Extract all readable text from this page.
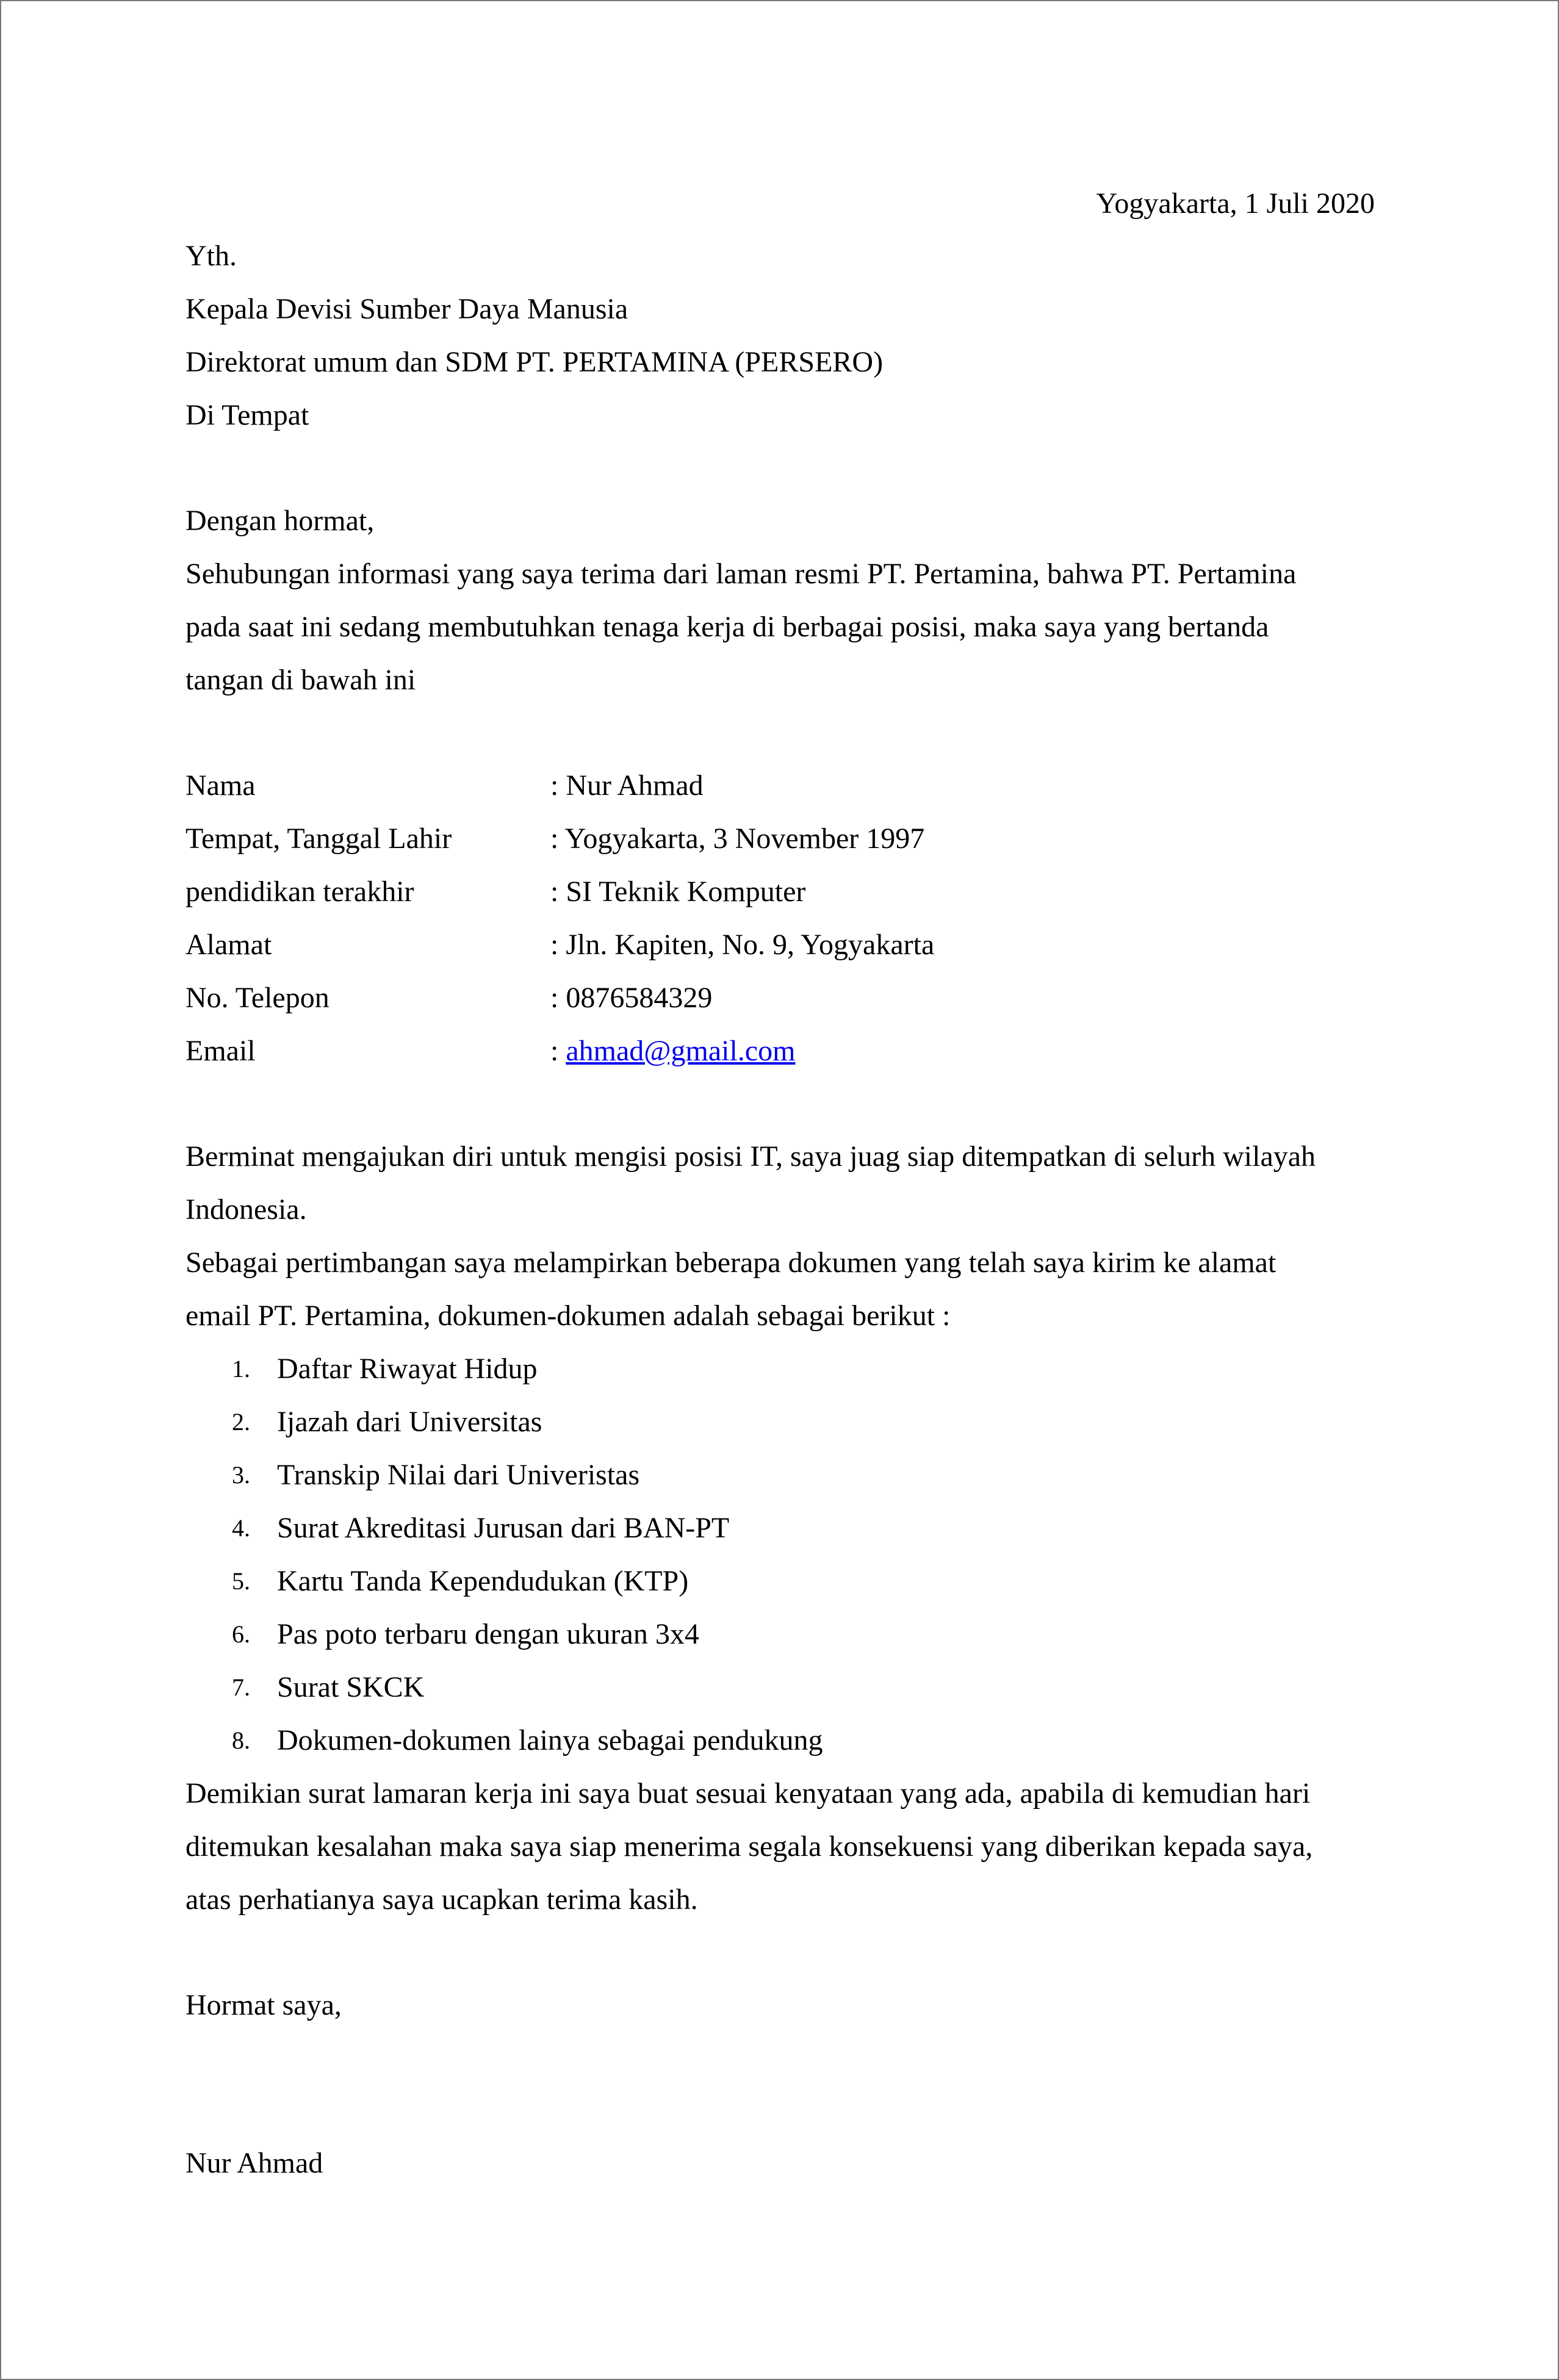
Yogyakarta, 1 Juli 2020
Yth.
Kepala Devisi Sumber Daya Manusia
Direktorat umum dan SDM PT. PERTAMINA (PERSERO)
Di Tempat
Dengan hormat,
Sehubungan informasi yang saya terima dari laman resmi PT. Pertamina, bahwa PT. Pertamina
pada saat ini sedang membutuhkan tenaga kerja di berbagai posisi, maka saya yang bertanda
tangan di bawah ini
Nama	: Nur Ahmad
Tempat, Tanggal Lahir	: Yogyakarta, 3 November 1997
pendidikan terakhir	: SI Teknik Komputer
Alamat	: Jln. Kapiten, No. 9, Yogyakarta
No. Telepon	: 0876584329
Email	: ahmad@gmail.com
Berminat mengajukan diri untuk mengisi posisi IT, saya juag siap ditempatkan di selurh wilayah
Indonesia.
Sebagai pertimbangan saya melampirkan beberapa dokumen yang telah saya kirim ke alamat
email PT. Pertamina, dokumen-dokumen adalah sebagai berikut :
1. Daftar Riwayat Hidup
2. Ijazah dari Universitas
3. Transkip Nilai dari Univeristas
4. Surat Akreditasi Jurusan dari BAN-PT
5. Kartu Tanda Kependudukan (KTP)
6. Pas poto terbaru dengan ukuran 3x4
7. Surat SKCK
8. Dokumen-dokumen lainya sebagai pendukung
Demikian surat lamaran kerja ini saya buat sesuai kenyataan yang ada, apabila di kemudian hari
ditemukan kesalahan maka saya siap menerima segala konsekuensi yang diberikan kepada saya,
atas perhatianya saya ucapkan terima kasih.
Hormat saya,
Nur Ahmad
